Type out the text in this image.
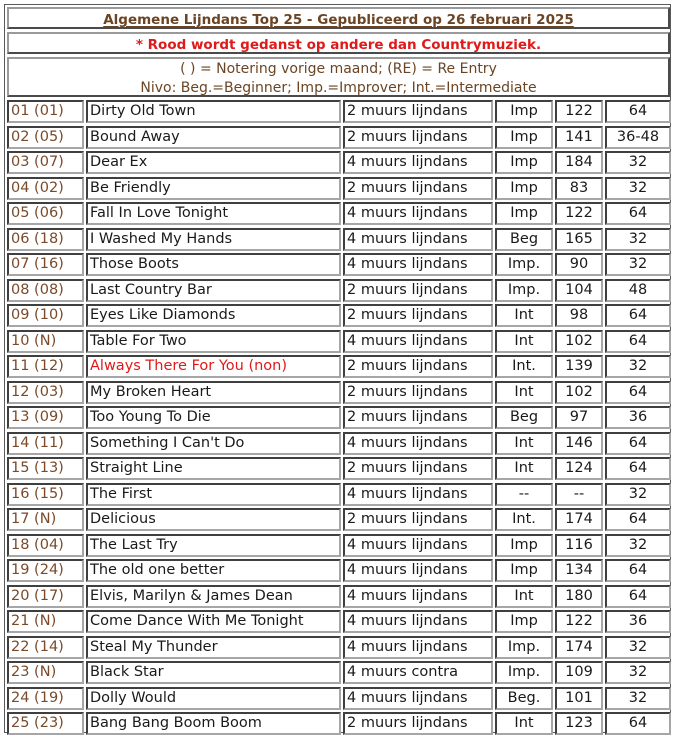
Algemene Lijndans Top 25 - Gepubliceerd op 26 februari 2025
* Rood wordt gedanst op andere dan Countrymuziek.
( ) = Notering vorige maand; (RE) = Re Entry
Nivo: Beg.=Beginner; Imp.=Improver; Int.=Intermediate
01 (01)	Dirty Old Town	2 muurs lijndans	Imp	122	64
02 (05)	Bound Away	2 muurs lijndans	Imp	141	36-48
03 (07)	Dear Ex	4 muurs lijndans	Imp	184	32
04 (02)	Be Friendly	2 muurs lijndans	Imp	83	32
05 (06)	Fall In Love Tonight	4 muurs lijndans	Imp	122	64
06 (18)	I Washed My Hands	4 muurs lijndans	Beg	165	32
07 (16)	Those Boots	4 muurs lijndans	Imp.	90	32
08 (08)	Last Country Bar	2 muurs lijndans	Imp.	104	48
09 (10)	Eyes Like Diamonds	2 muurs lijndans	Int	98	64
10 (N)	Table For Two	4 muurs lijndans	Int	102	64
11 (12)	Always There For You (non)	2 muurs lijndans	Int.	139	32
12 (03)	My Broken Heart	2 muurs lijndans	Int	102	64
13 (09)	Too Young To Die	2 muurs lijndans	Beg	97	36
14 (11)	Something I Can't Do	4 muurs lijndans	Int	146	64
15 (13)	Straight Line	2 muurs lijndans	Int	124	64
16 (15)	The First	4 muurs lijndans	--	--	32
17 (N)	Delicious	2 muurs lijndans	Int.	174	64
18 (04)	The Last Try	4 muurs lijndans	Imp	116	32
19 (24)	The old one better	4 muurs lijndans	Imp	134	64
20 (17)	Elvis, Marilyn & James Dean	4 muurs lijndans	Int	180	64
21 (N)	Come Dance With Me Tonight	4 muurs lijndans	Imp	122	36
22 (14)	Steal My Thunder	4 muurs lijndans	Imp.	174	32
23 (N)	Black Star	4 muurs contra	Imp.	109	32
24 (19)	Dolly Would	4 muurs lijndans	Beg.	101	32
25 (23)	Bang Bang Boom Boom	2 muurs lijndans	Int	123	64
